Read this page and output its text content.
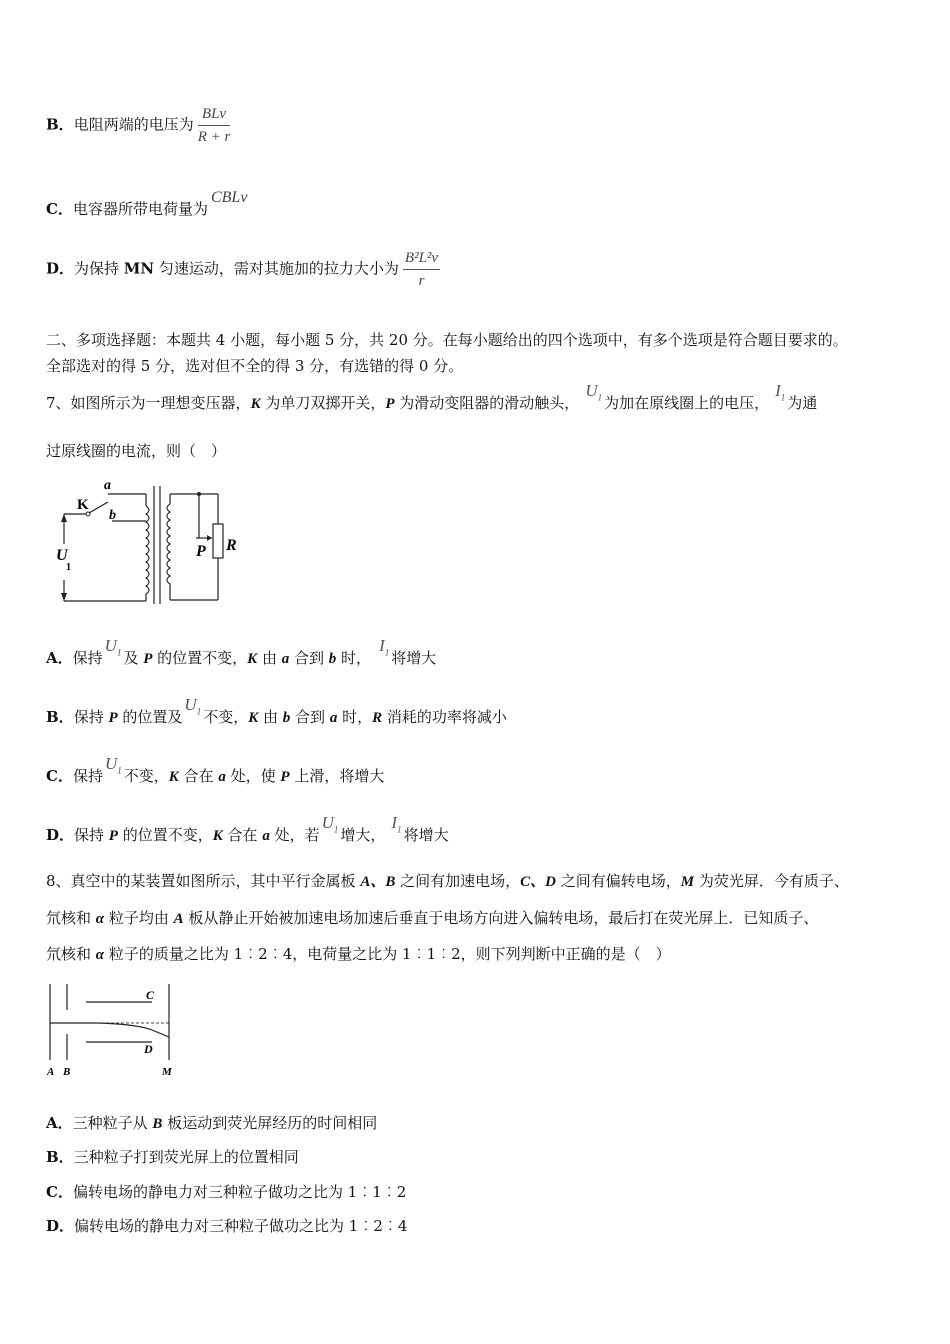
B．电阻两端的电压为 $\frac{\text{BLv}}{R + r}$
C．电容器所带电荷量为CBLv
D．为保持 MN 匀速运动，需对其施加的拉力大小为 $\frac{\text{B²L²v}}{r}$
二、多项选择题：本题共 4 小题，每小题 5 分，共 20 分。在每小题给出的四个选项中，有多个选项是符合题目要求的。
全部选对的得 5 分，选对但不全的得 3 分，有选错的得 0 分。
7、如图所示为一理想变压器，K 为单刀双掷开关，P 为滑动变阻器的滑动触头，$U_1$ 为加在原线圈上的电压，$I_1$ 为通
过原线圈的电流，则（　）
U
1
K
a
b
P R
A．保持$U_1$ 及 P 的位置不变，K 由 a 合到 b 时，$I_1$ 将增大
B．保持 P 的位置及$U_1$ 不变，K 由 b 合到 a 时，R 消耗的功率将减小
C．保持$U_1$ 不变，K 合在 a 处，使 P 上滑，将增大
D．保持 P 的位置不变，K 合在 a 处，若$U_1$ 增大，$I_1$ 将增大
8、真空中的某装置如图所示，其中平行金属板 A、B 之间有加速电场，C、D 之间有偏转电场，M 为荧光屏．今有质子、
氘核和 α 粒子均由 A 板从静止开始被加速电场加速后垂直于电场方向进入偏转电场，最后打在荧光屏上．已知质子、
氘核和 α 粒子的质量之比为 1︰2︰4，电荷量之比为 1︰1︰2，则下列判断中正确的是（　）
C
D
A B	M
A．三种粒子从 B 板运动到荧光屏经历的时间相同
B．三种粒子打到荧光屏上的位置相同
C．偏转电场的静电力对三种粒子做功之比为 1︰1︰2
D．偏转电场的静电力对三种粒子做功之比为 1︰2︰4
